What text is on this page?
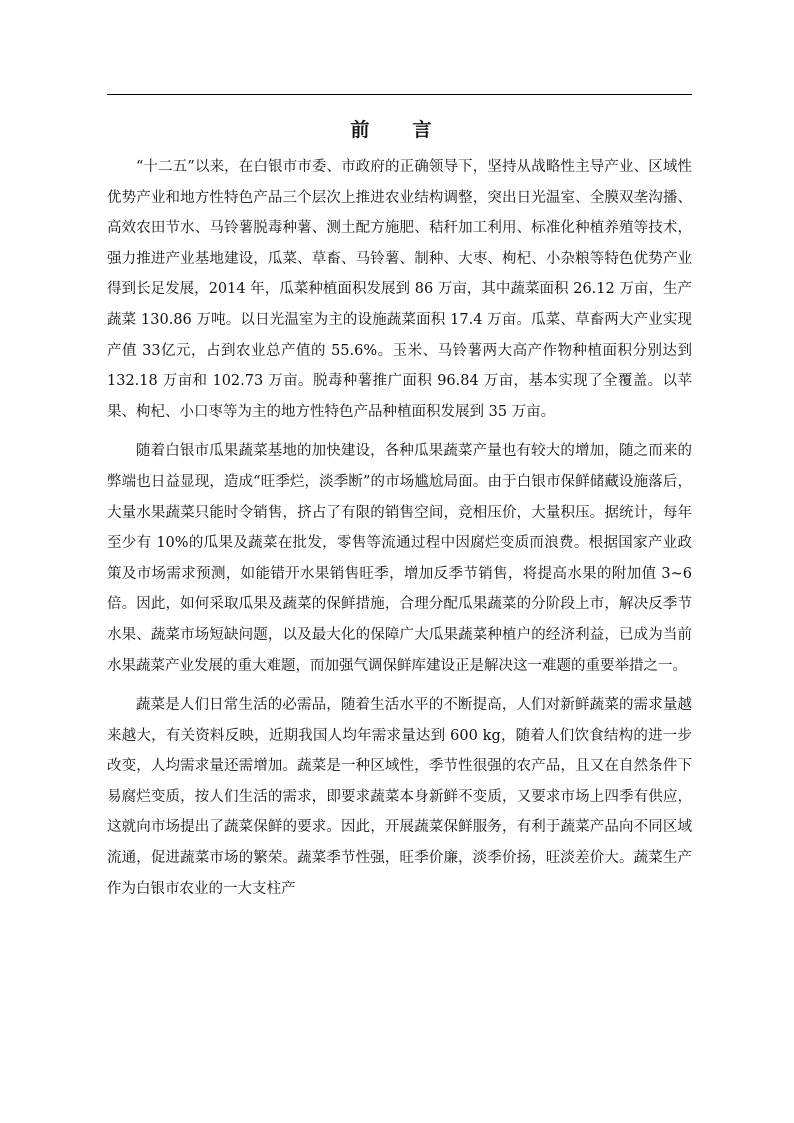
前　言

“十二五”以来，在白银市市委、市政府的正确领导下，坚持从战略性主导产业、区域性优势产业和地方性特色产品三个层次上推进农业结构调整，突出日光温室、全膜双垄沟播、高效农田节水、马铃薯脱毒种薯、测土配方施肥、秸秆加工利用、标准化种植养殖等技术，强力推进产业基地建设，瓜菜、草畜、马铃薯、制种、大枣、枸杞、小杂粮等特色优势产业得到长足发展，2014 年，瓜菜种植面积发展到 86 万亩，其中蔬菜面积 26.12 万亩，生产蔬菜 130.86 万吨。以日光温室为主的设施蔬菜面积 17.4 万亩。瓜菜、草畜两大产业实现产值 33亿元，占到农业总产值的 55.6%。玉米、马铃薯两大高产作物种植面积分别达到 132.18 万亩和 102.73 万亩。脱毒种薯推广面积 96.84 万亩，基本实现了全覆盖。以苹果、枸杞、小口枣等为主的地方性特色产品种植面积发展到 35 万亩。

随着白银市瓜果蔬菜基地的加快建设，各种瓜果蔬菜产量也有较大的增加，随之而来的弊端也日益显现，造成“旺季烂，淡季断”的市场尴尬局面。由于白银市保鲜储藏设施落后，大量水果蔬菜只能时令销售，挤占了有限的销售空间，竞相压价，大量积压。据统计，每年至少有 10%的瓜果及蔬菜在批发，零售等流通过程中因腐烂变质而浪费。根据国家产业政策及市场需求预测，如能错开水果销售旺季，增加反季节销售，将提高水果的附加值 3~6 倍。因此，如何采取瓜果及蔬菜的保鲜措施，合理分配瓜果蔬菜的分阶段上市，解决反季节水果、蔬菜市场短缺问题，以及最大化的保障广大瓜果蔬菜种植户的经济利益，已成为当前水果蔬菜产业发展的重大难题，而加强气调保鲜库建设正是解决这一难题的重要举措之一。

蔬菜是人们日常生活的必需品，随着生活水平的不断提高，人们对新鲜蔬菜的需求量越来越大，有关资料反映，近期我国人均年需求量达到 600 kg，随着人们饮食结构的进一步改变，人均需求量还需增加。蔬菜是一种区域性，季节性很强的农产品，且又在自然条件下易腐烂变质，按人们生活的需求，即要求蔬菜本身新鲜不变质，又要求市场上四季有供应，这就向市场提出了蔬菜保鲜的要求。因此，开展蔬菜保鲜服务，有利于蔬菜产品向不同区域流通，促进蔬菜市场的繁荣。蔬菜季节性强，旺季价廉，淡季价扬，旺淡差价大。蔬菜生产作为白银市农业的一大支柱产
